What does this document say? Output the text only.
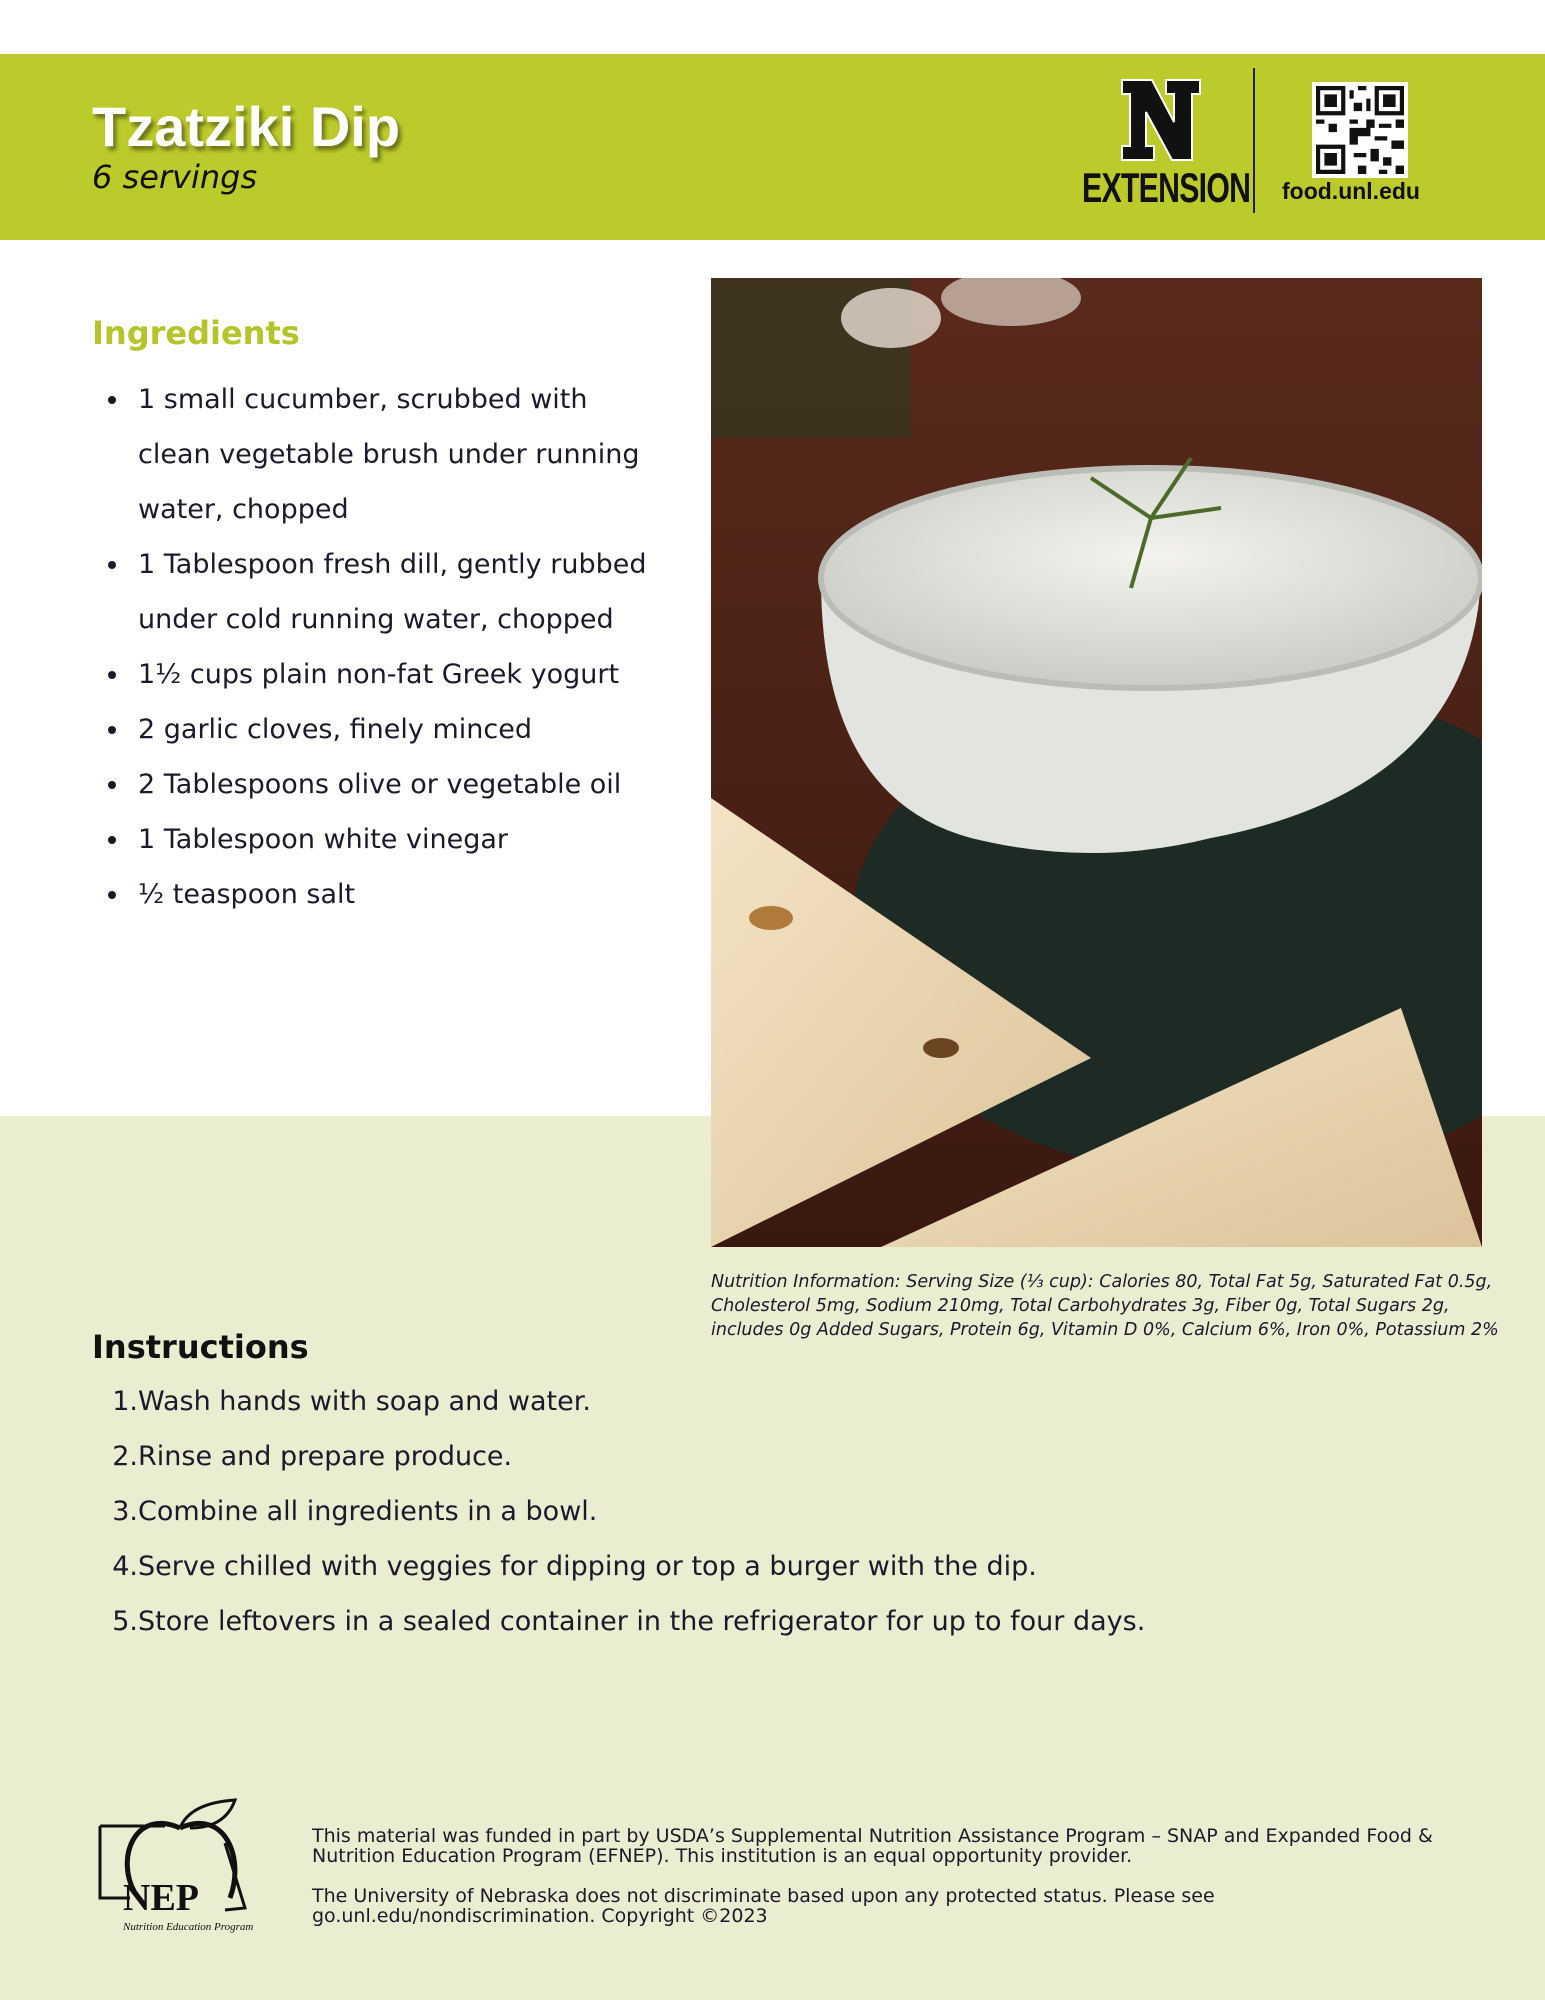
Tzatziki Dip
6 servings	EXTENSION food.unl.edu
Ingredients
1 small cucumber, scrubbed with clean vegetable brush under running water, chopped
1 Tablespoon fresh dill, gently rubbed under cold running water, chopped
1½ cups plain non-fat Greek yogurt
2 garlic cloves, finely minced
2 Tablespoons olive or vegetable oil
1 Tablespoon white vinegar
½ teaspoon salt
Nutrition Information: Serving Size (⅓ cup): Calories 80, Total Fat 5g, Saturated Fat 0.5g, Cholesterol 5mg, Sodium 210mg, Total Carbohydrates 3g, Fiber 0g, Total Sugars 2g, includes 0g Added Sugars, Protein 6g, Vitamin D 0%, Calcium 6%, Iron 0%, Potassium 2%
Instructions
1.Wash hands with soap and water.
2.Rinse and prepare produce.
3.Combine all ingredients in a bowl.
4.Serve chilled with veggies for dipping or top a burger with the dip.
5.Store leftovers in a sealed container in the refrigerator for up to four days.
NEP
Nutrition Education Program
This material was funded in part by USDA’s Supplemental Nutrition Assistance Program – SNAP and Expanded Food & Nutrition Education Program (EFNEP). This institution is an equal opportunity provider.
The University of Nebraska does not discriminate based upon any protected status. Please see go.unl.edu/nondiscrimination. Copyright ©2023
